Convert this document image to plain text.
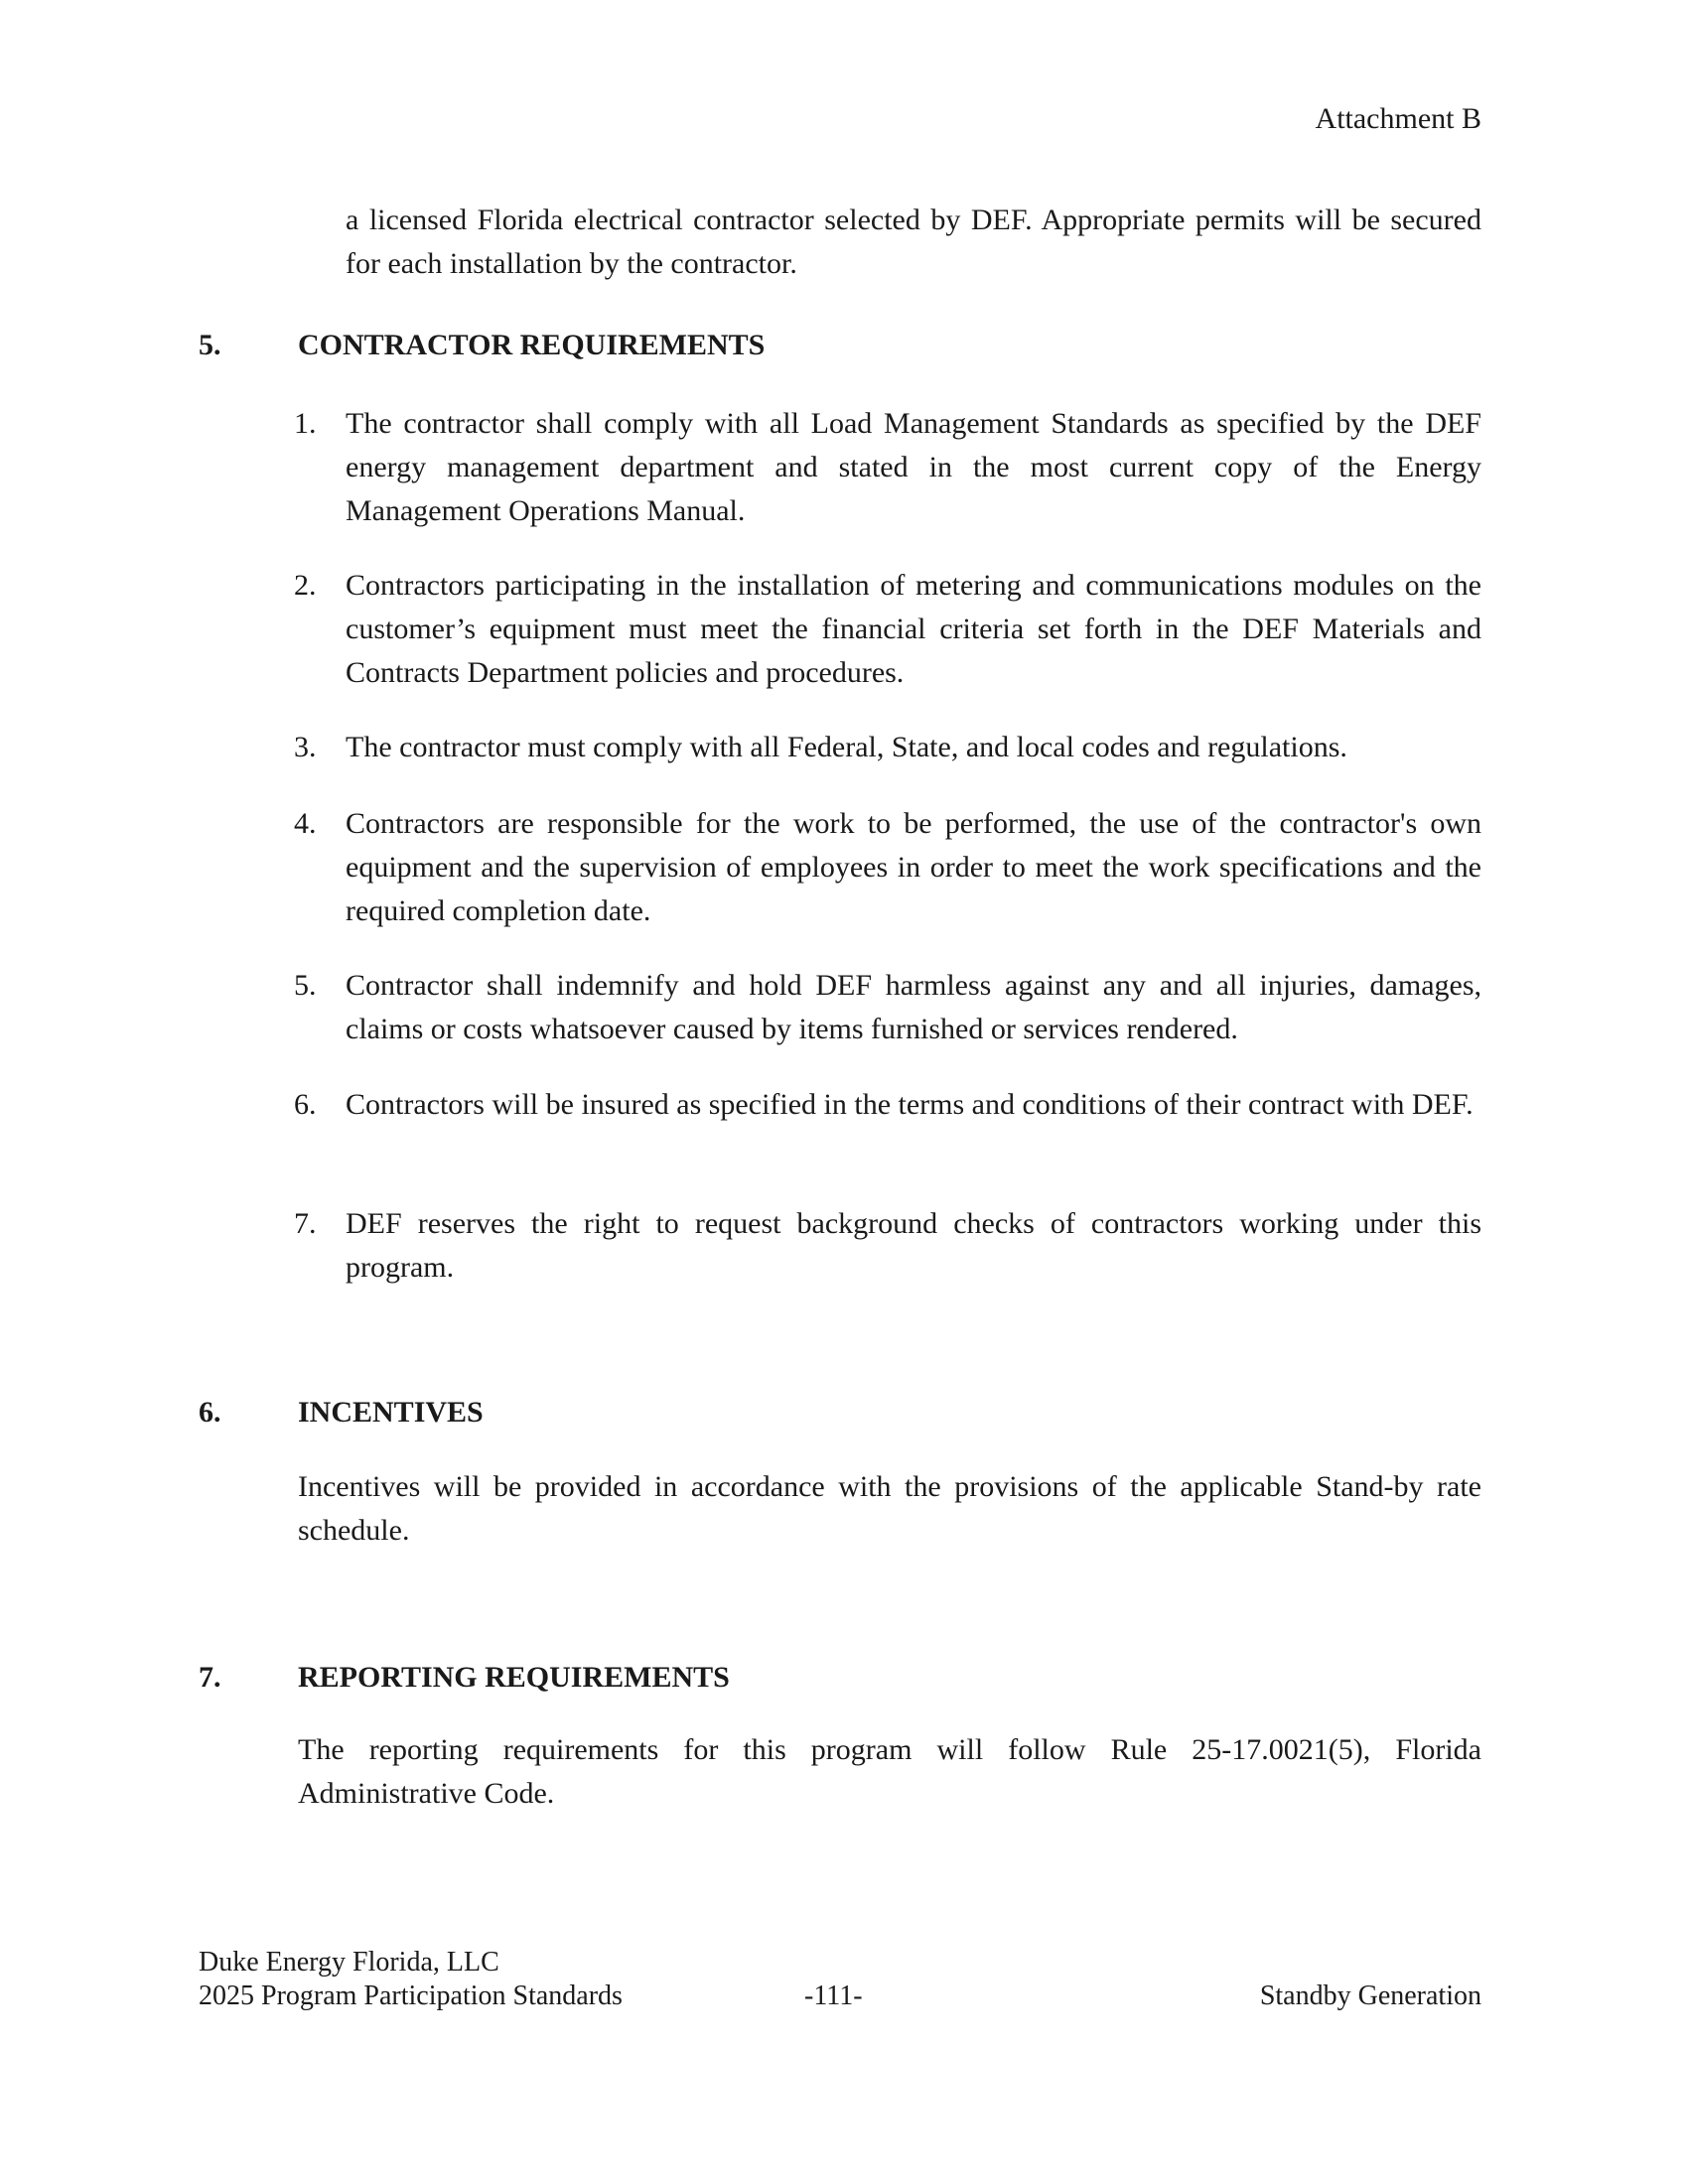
Attachment B

a licensed Florida electrical contractor selected by DEF. Appropriate permits will be secured for each installation by the contractor.

5.	CONTRACTOR REQUIREMENTS
1. The contractor shall comply with all Load Management Standards as specified by the DEF energy management department and stated in the most current copy of the Energy Management Operations Manual.
2. Contractors participating in the installation of metering and communications modules on the customer’s equipment must meet the financial criteria set forth in the DEF Materials and Contracts Department policies and procedures.
3. The contractor must comply with all Federal, State, and local codes and regulations.
4. Contractors are responsible for the work to be performed, the use of the contractor's own equipment and the supervision of employees in order to meet the work specifications and the required completion date.
5. Contractor shall indemnify and hold DEF harmless against any and all injuries, damages, claims or costs whatsoever caused by items furnished or services rendered.
6. Contractors will be insured as specified in the terms and conditions of their contract with DEF.
7. DEF reserves the right to request background checks of contractors working under this program.
6.	INCENTIVES
Incentives will be provided in accordance with the provisions of the applicable Stand-by rate schedule.
7.	REPORTING REQUIREMENTS
The reporting requirements for this program will follow Rule 25-17.0021(5), Florida Administrative Code.
Duke Energy Florida, LLC
2025 Program Participation Standards	-111-	Standby Generation
